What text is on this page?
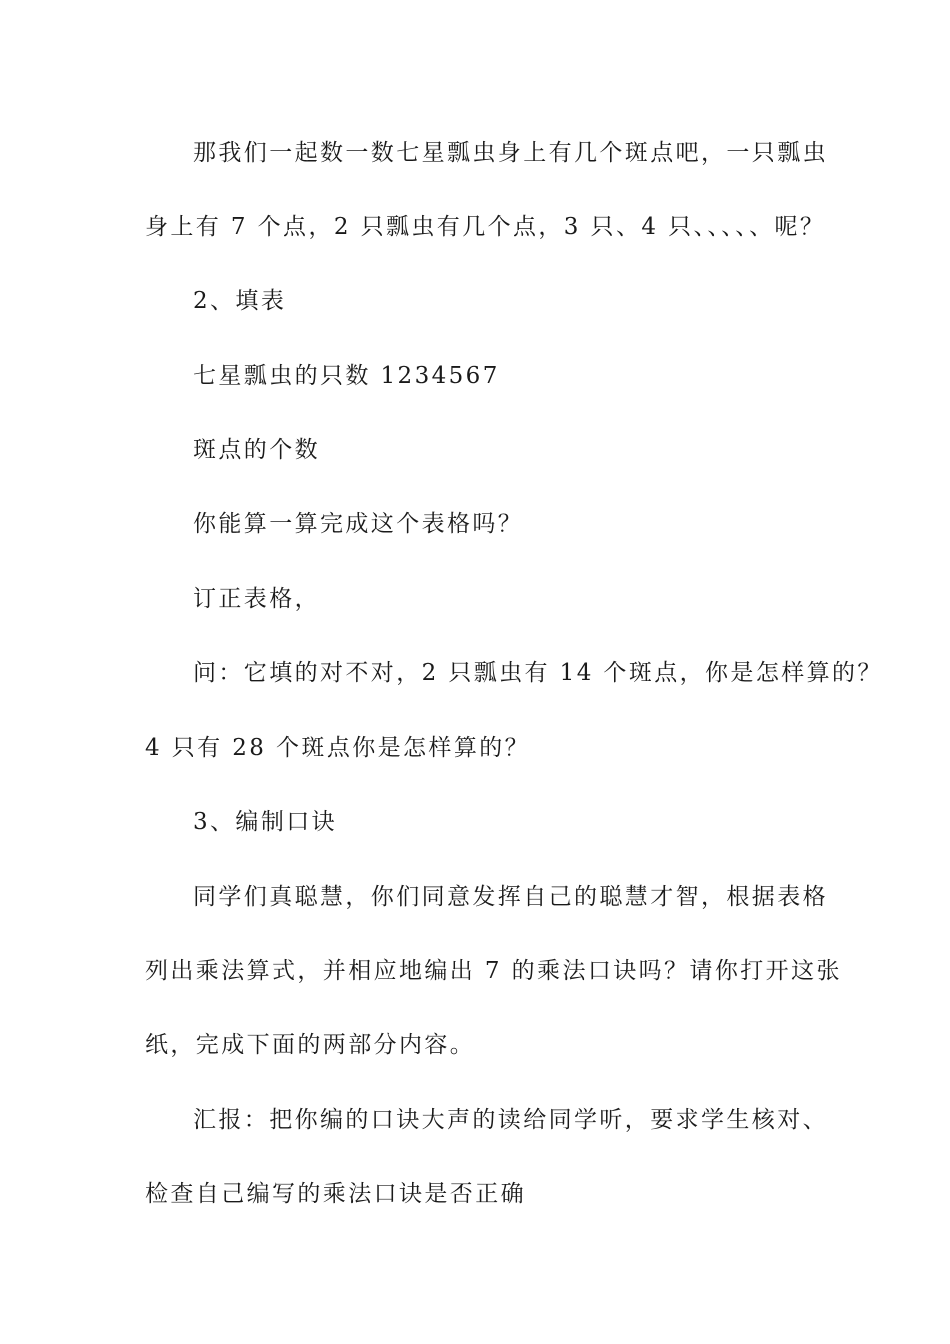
那我们一起数一数七星瓢虫身上有几个斑点吧，一只瓢虫
身上有 7 个点，2 只瓢虫有几个点，3 只、4 只、、、、、呢？
2、填表
七星瓢虫的只数 1234567
斑点的个数
你能算一算完成这个表格吗？
订正表格，
问：它填的对不对，2 只瓢虫有 14 个斑点，你是怎样算的？
4 只有 28 个斑点你是怎样算的？
3、编制口诀
同学们真聪慧，你们同意发挥自己的聪慧才智，根据表格
列出乘法算式，并相应地编出 7 的乘法口诀吗？请你打开这张
纸，完成下面的两部分内容。
汇报：把你编的口诀大声的读给同学听，要求学生核对、
检查自己编写的乘法口诀是否正确
